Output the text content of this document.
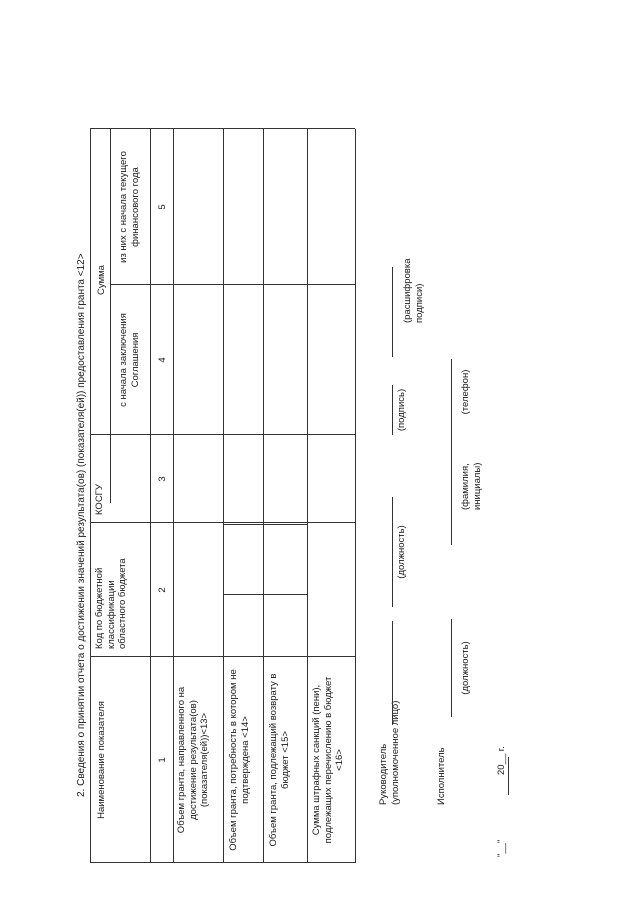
2. Сведения о принятии отчета о достижении значений результата(ов) (показателя(ей)) предоставления гранта <12> Наименование показателя
Код по бюджетной классификации областного бюджета
КОСГУ
Сумма
с начала заключения Соглашения
из них с начала текущего финансового года
1
2
3
4
5
Объем гранта, направленного на достижение результата(ов) (показателя(ей))<13> Объем гранта, потребность в котором не подтверждена <14> Объем гранта, подлежащий возврату в бюджет <15> Сумма штрафных санкций (пени), подлежащих перечислению в бюджет <16>	Руководитель (уполномоченное лицо)
(должность)
(подпись)
(расшифровка подписи)
Исполнитель
(должность)
(фамилия, инициалы)
(телефон)
"__"
20__ г.
